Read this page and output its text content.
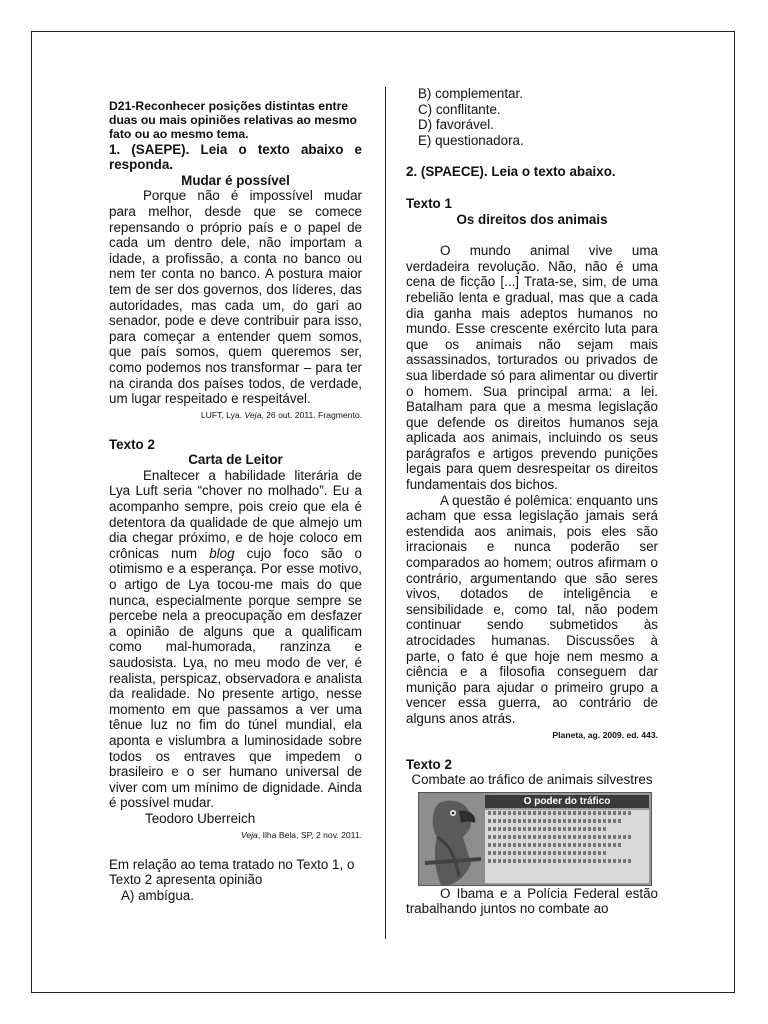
D21-Reconhecer posições distintas entre duas ou mais opiniões relativas ao mesmo fato ou ao mesmo tema.

1. (SAEPE). Leia o texto abaixo e responda.

Mudar é possível

Porque não é impossível mudar para melhor, desde que se comece repensando o próprio país e o papel de cada um dentro dele, não importam a idade, a profissão, a conta no banco ou nem ter conta no banco. A postura maior tem de ser dos governos, dos líderes, das autoridades, mas cada um, do gari ao senador, pode e deve contribuir para isso, para começar a entender quem somos, que país somos, quem queremos ser, como podemos nos transformar – para ter na ciranda dos países todos, de verdade, um lugar respeitado e respeitável.

LUFT, Lya. Veja, 26 out. 2011. Fragmento.

Texto 2

Carta de Leitor

Enaltecer a habilidade literária de Lya Luft seria “chover no molhado”. Eu a acompanho sempre, pois creio que ela é detentora da qualidade de que almejo um dia chegar próximo, e de hoje coloco em crônicas num blog cujo foco são o otimismo e a esperança. Por esse motivo, o artigo de Lya tocou-me mais do que nunca, especialmente porque sempre se percebe nela a preocupação em desfazer a opinião de alguns que a qualificam como mal-humorada, ranzinza e saudosista. Lya, no meu modo de ver, é realista, perspicaz, observadora e analista da realidade. No presente artigo, nesse momento em que passamos a ver uma tênue luz no fim do túnel mundial, ela aponta e vislumbra a luminosidade sobre todos os entraves que impedem o brasileiro e o ser humano universal de viver com um mínimo de dignidade. Ainda é possível mudar.

Teodoro Uberreich

Veja, Ilha Bela, SP, 2 nov. 2011.

Em relação ao tema tratado no Texto 1, o Texto 2 apresenta opinião

A) ambígua.

B) complementar.

C) conflitante.

D) favorável.

E) questionadora.

2. (SPAECE). Leia o texto abaixo.

Texto 1

Os direitos dos animais

O mundo animal vive uma verdadeira revolução. Não, não é uma cena de ficção [...] Trata-se, sim, de uma rebelião lenta e gradual, mas que a cada dia ganha mais adeptos humanos no mundo. Esse crescente exército luta para que os animais não sejam mais assassinados, torturados ou privados de sua liberdade só para alimentar ou divertir o homem. Sua principal arma: a lei. Batalham para que a mesma legislação que defende os direitos humanos seja aplicada aos animais, incluindo os seus parágrafos e artigos prevendo punições legais para quem desrespeitar os direitos fundamentais dos bichos.

A questão é polêmica: enquanto uns acham que essa legislação jamais será estendida aos animais, pois eles são irracionais e nunca poderão ser comparados ao homem; outros afirmam o contrário, argumentando que são seres vivos, dotados de inteligência e sensibilidade e, como tal, não podem continuar sendo submetidos às atrocidades humanas. Discussões à parte, o fato é que hoje nem mesmo a ciência e a filosofia conseguem dar munição para ajudar o primeiro grupo a vencer essa guerra, ao contrário de alguns anos atrás.

Planeta, ag. 2009. ed. 443.

Texto 2

Combate ao tráfico de animais silvestres

O poder do tráfico

O Ibama e a Polícia Federal estão trabalhando juntos no combate ao
